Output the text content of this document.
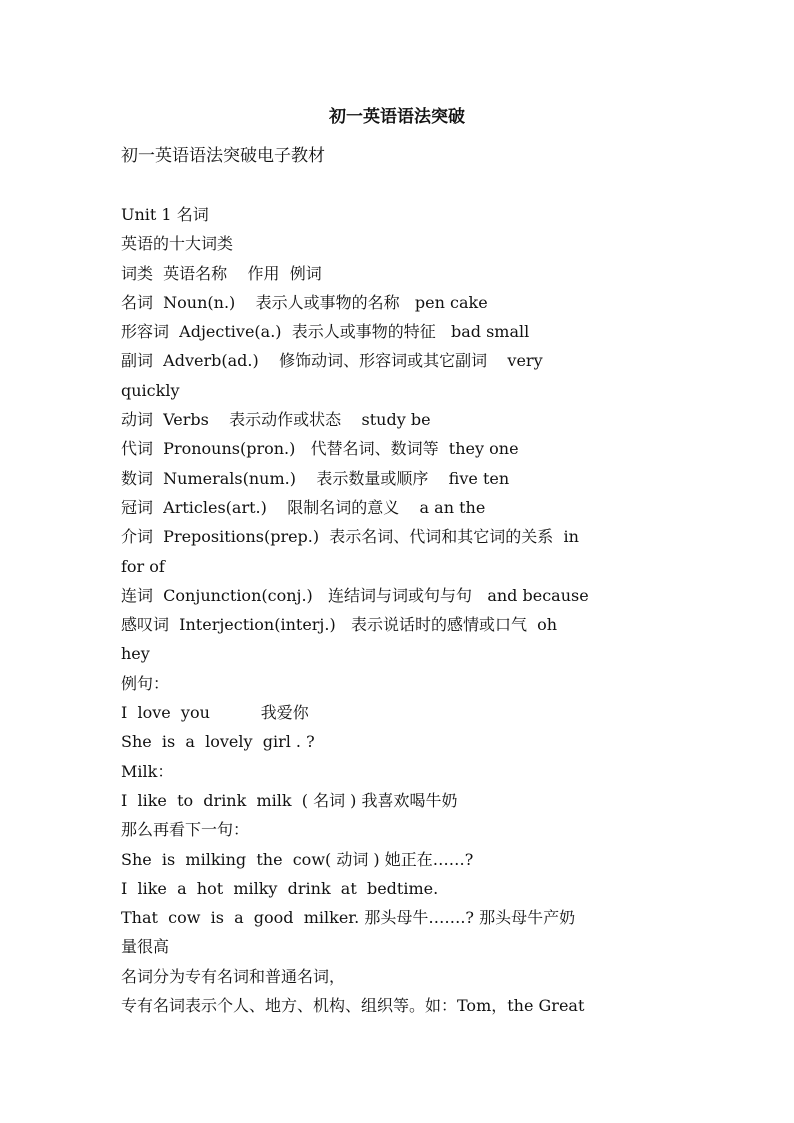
初一英语语法突破
初一英语语法突破电子教材
Unit 1 名词
英语的十大词类
词类  英语名称    作用  例词
名词  Noun(n.)    表示人或事物的名称   pen cake
形容词  Adjective(a.)  表示人或事物的特征   bad small
副词  Adverb(ad.)    修饰动词、形容词或其它副词    very
quickly
动词  Verbs    表示动作或状态    study be
代词  Pronouns(pron.)   代替名词、数词等  they one
数词  Numerals(num.)    表示数量或顺序    five ten
冠词  Articles(art.)    限制名词的意义    a an the
介词  Prepositions(prep.)  表示名词、代词和其它词的关系  in
for of
连词  Conjunction(conj.)   连结词与词或句与句   and because
感叹词  Interjection(interj.)   表示说话时的感情或口气  oh
hey
例句：
I  love  you          我爱你
She  is  a  lovely  girl . ?
Milk：
I  like  to  drink  milk  ( 名词 ) 我喜欢喝牛奶
那么再看下一句：
She  is  milking  the  cow( 动词 ) 她正在……?
I  like  a  hot  milky  drink  at  bedtime.
That  cow  is  a  good  milker. 那头母牛…….? 那头母牛产奶
量很高
名词分为专有名词和普通名词，
专有名词表示个人、地方、机构、组织等。如：Tom，the Great
